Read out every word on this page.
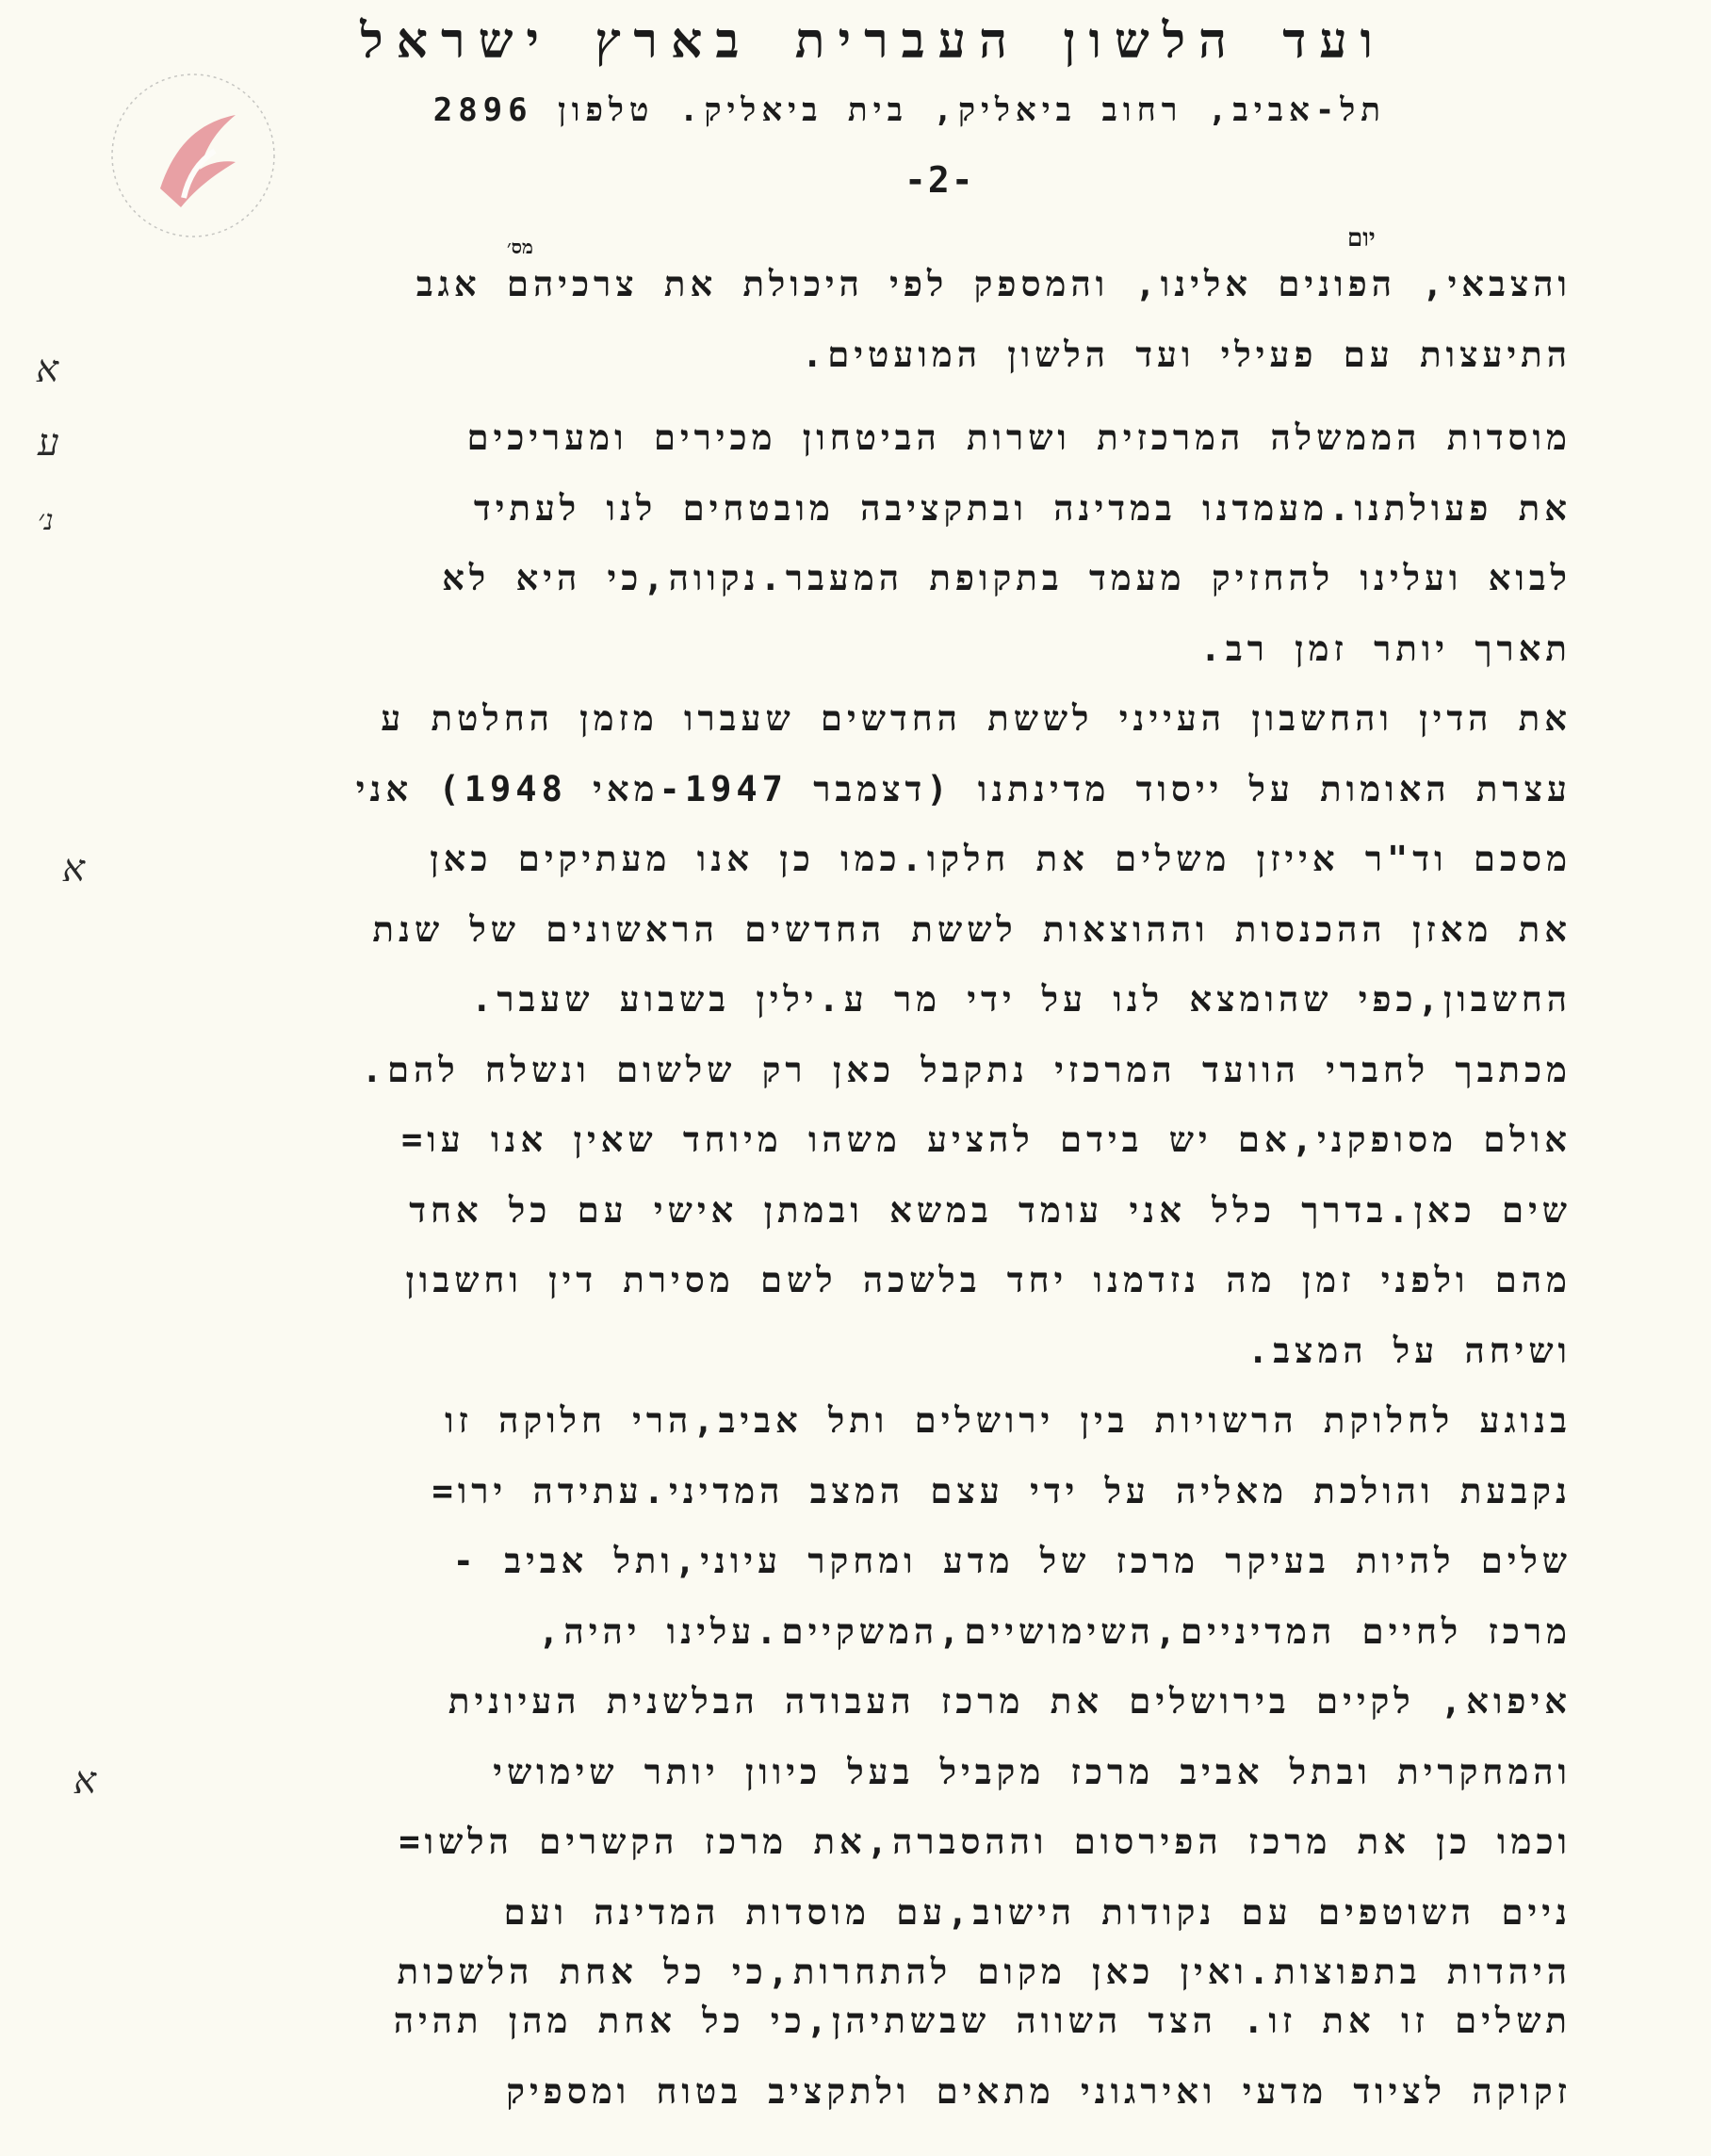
ועד הלשון העברית בארץ ישראל
תל-אביב, רחוב ביאליק, בית ביאליק. טלפון 2896
-2-
יום
מס׳
והצבאי, הפונים אלינו, והמספק לפי היכולת את צרכיהם אגב
התיעצות עם פעילי ועד הלשון המועטים.
מוסדות הממשלה המרכזית ושרות הביטחון מכירים ומעריכים
את פעולתנו.מעמדנו במדינה ובתקציבה מובטחים לנו לעתיד
לבוא ועלינו להחזיק מעמד בתקופת המעבר.נקווה,כי היא לא
תארך יותר זמן רב.
את הדין והחשבון העייני לששת החדשים שעברו מזמן החלטת ע
עצרת האומות על ייסוד מדינתנו (דצמבר 1947-מאי 1948) אני
מסכם וד"ר אייזן משלים את חלקו.כמו כן אנו מעתיקים כאן
את מאזן ההכנסות וההוצאות לששת החדשים הראשונים של שנת
החשבון,כפי שהומצא לנו על ידי מר ע.ילין בשבוע שעבר.
מכתבך לחברי הוועד המרכזי נתקבל כאן רק שלשום ונשלח להם.
אולם מסופקני,אם יש בידם להציע משהו מיוחד שאין אנו עו=
שים כאן.בדרך כלל אני עומד במשא ובמתן אישי עם כל אחד
מהם ולפני זמן מה נזדמנו יחד בלשכה לשם מסירת דין וחשבון
ושיחה על המצב.
בנוגע לחלוקת הרשויות בין ירושלים ותל אביב,הרי חלוקה זו
נקבעת והולכת מאליה על ידי עצם המצב המדיני.עתידה ירו=
שלים להיות בעיקר מרכז של מדע ומחקר עיוני,ותל אביב -
מרכז לחיים המדיניים,השימושיים,המשקיים.עלינו יהיה,
איפוא, לקיים בירושלים את מרכז העבודה הבלשנית העיונית
והמחקרית ובתל אביב מרכז מקביל בעל כיוון יותר שימושי
וכמו כן את מרכז הפירסום וההסברה,את מרכז הקשרים הלשו=
ניים השוטפים עם נקודות הישוב,עם מוסדות המדינה ועם
היהדות בתפוצות.ואין כאן מקום להתחרות,כי כל אחת הלשכות
תשלים זו את זו. הצד השווה שבשתיהן,כי כל אחת מהן תהיה
זקוקה לציוד מדעי ואירגוני מתאים ולתקציב בטוח ומספיק
א
ע
נ׳
א
א
